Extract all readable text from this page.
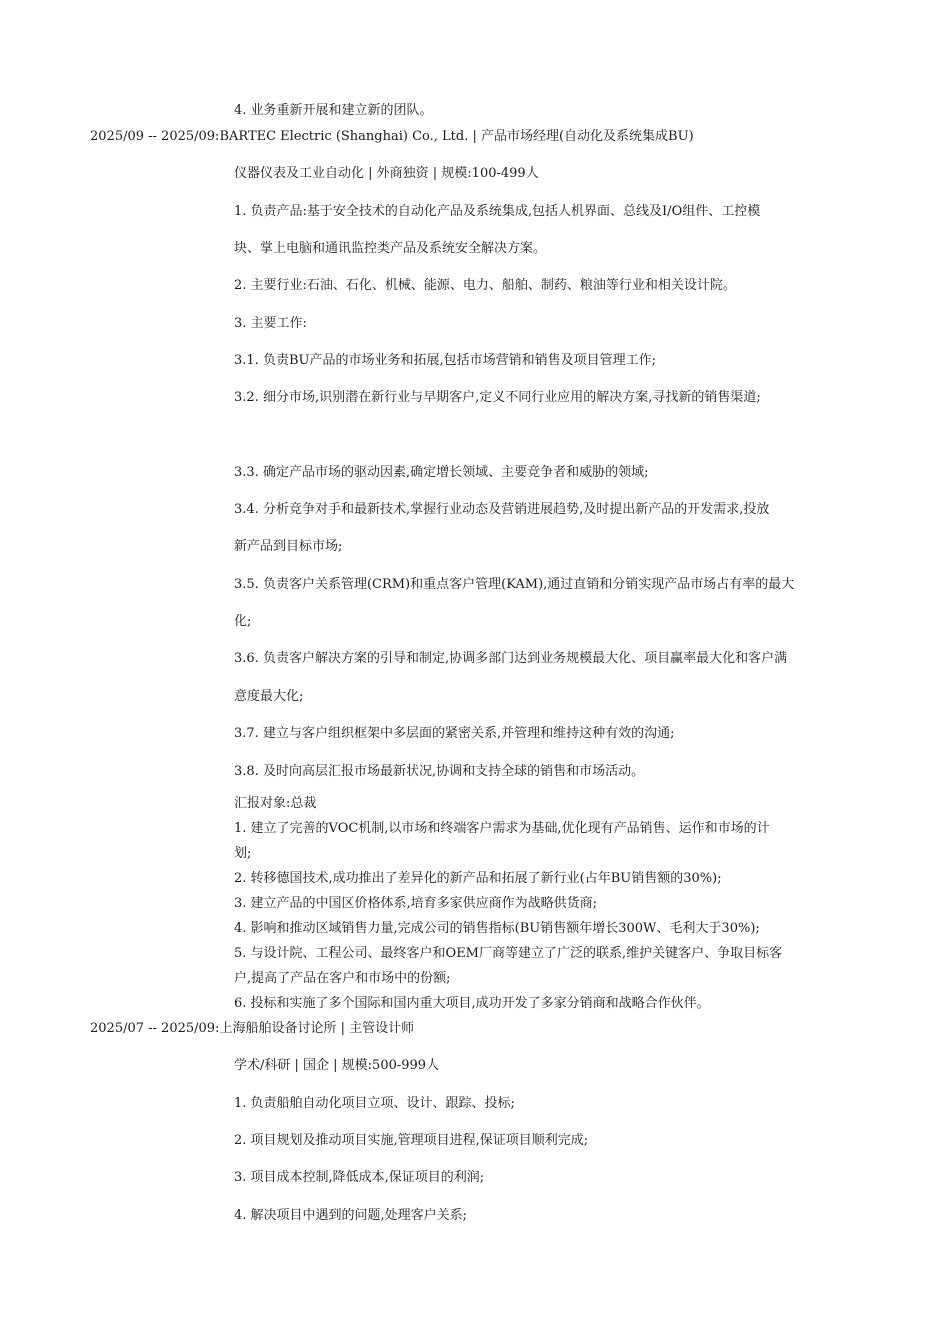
4. 业务重新开展和建立新的团队。
2025/09 -- 2025/09:BARTEC Electric (Shanghai) Co., Ltd. | 产品市场经理(自动化及系统集成BU)
仪器仪表及工业自动化 | 外商独资 | 规模:100-499人
1. 负责产品:基于安全技术的自动化产品及系统集成,包括人机界面、总线及I/O组件、工控模
块、掌上电脑和通讯监控类产品及系统安全解决方案。
2. 主要行业:石油、石化、机械、能源、电力、船舶、制药、粮油等行业和相关设计院。
3. 主要工作:
3.1. 负责BU产品的市场业务和拓展,包括市场营销和销售及项目管理工作;
3.2. 细分市场,识别潜在新行业与早期客户,定义不同行业应用的解决方案,寻找新的销售渠道;
3.3. 确定产品市场的驱动因素,确定增长领域、主要竞争者和威胁的领域;
3.4. 分析竞争对手和最新技术,掌握行业动态及营销进展趋势,及时提出新产品的开发需求,投放
新产品到目标市场;
3.5. 负责客户关系管理(CRM)和重点客户管理(KAM),通过直销和分销实现产品市场占有率的最大
化;
3.6. 负责客户解决方案的引导和制定,协调多部门达到业务规模最大化、项目赢率最大化和客户满
意度最大化;
3.7. 建立与客户组织框架中多层面的紧密关系,并管理和维持这种有效的沟通;
3.8. 及时向高层汇报市场最新状况,协调和支持全球的销售和市场活动。
汇报对象:总裁
1. 建立了完善的VOC机制,以市场和终端客户需求为基础,优化现有产品销售、运作和市场的计
划;
2. 转移德国技术,成功推出了差异化的新产品和拓展了新行业(占年BU销售额的30%);
3. 建立产品的中国区价格体系,培育多家供应商作为战略供货商;
4. 影响和推动区域销售力量,完成公司的销售指标(BU销售额年增长300W、毛利大于30%);
5. 与设计院、工程公司、最终客户和OEM厂商等建立了广泛的联系,维护关键客户、争取目标客
户,提高了产品在客户和市场中的份额;
6. 投标和实施了多个国际和国内重大项目,成功开发了多家分销商和战略合作伙伴。
2025/07 -- 2025/09:上海船舶设备讨论所 | 主管设计师
学术/科研 | 国企 | 规模:500-999人
1. 负责船舶自动化项目立项、设计、跟踪、投标;
2. 项目规划及推动项目实施,管理项目进程,保证项目顺利完成;
3. 项目成本控制,降低成本,保证项目的利润;
4. 解决项目中遇到的问题,处理客户关系;
